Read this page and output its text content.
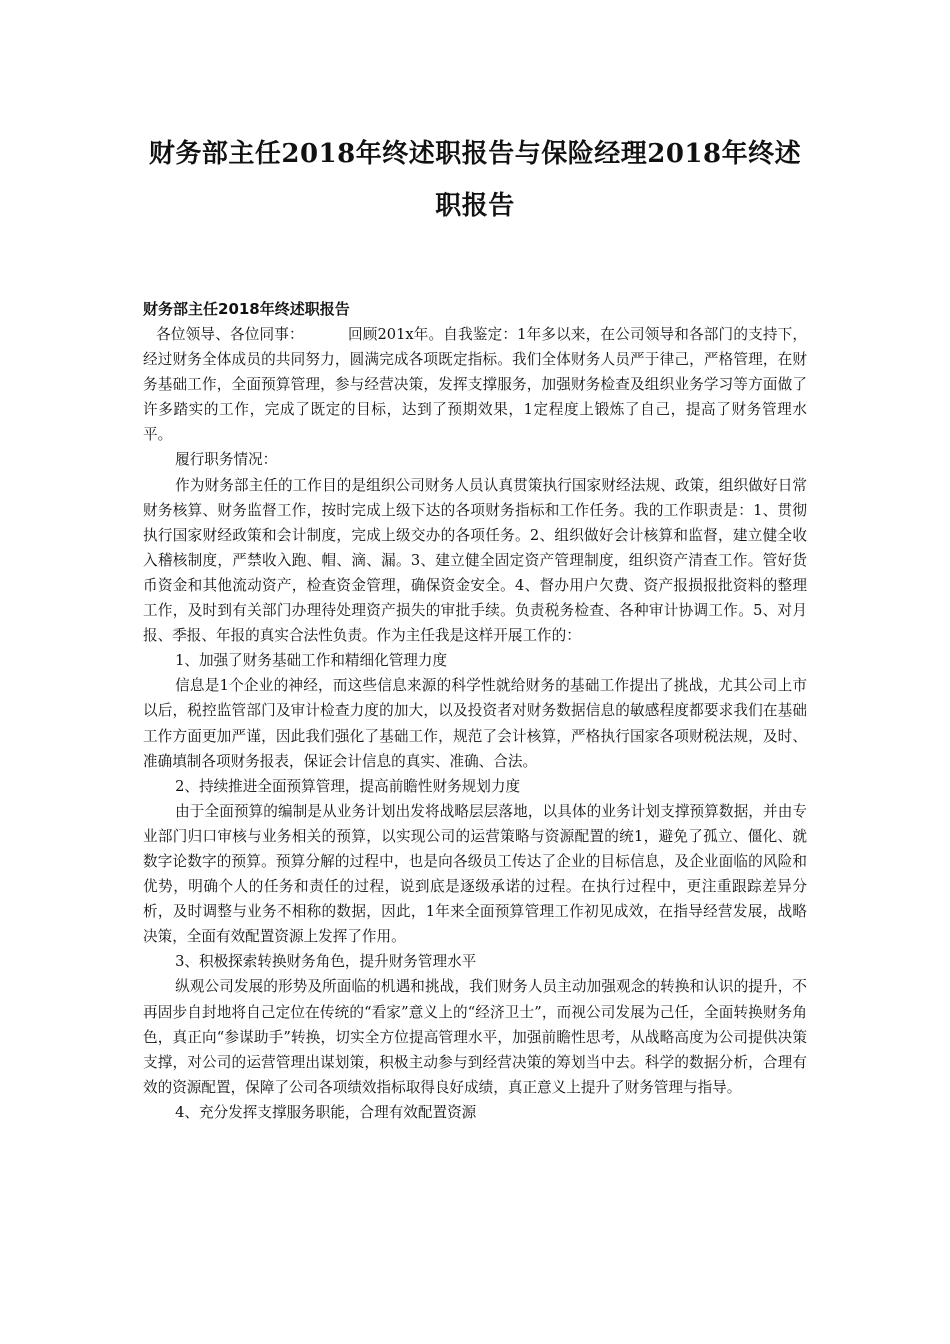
财务部主任2018年终述职报告与保险经理2018年终述职报告
财务部主任2018年终述职报告

各位领导、各位同事：	回顾201x年。自我鉴定：1年多以来，在公司领导和各部门的支持下，经过财务全体成员的共同努力，圆满完成各项既定指标。我们全体财务人员严于律己，严格管理，在财务基础工作，全面预算管理，参与经营决策，发挥支撑服务，加强财务检查及组织业务学习等方面做了许多踏实的工作，完成了既定的目标，达到了预期效果，1定程度上锻炼了自己，提高了财务管理水平。

履行职务情况：

作为财务部主任的工作目的是组织公司财务人员认真贯策执行国家财经法规、政策，组织做好日常财务核算、财务监督工作，按时完成上级下达的各项财务指标和工作任务。我的工作职责是：1、贯彻执行国家财经政策和会计制度，完成上级交办的各项任务。2、组织做好会计核算和监督，建立健全收入稽核制度，严禁收入跑、帽、滴、漏。3、建立健全固定资产管理制度，组织资产清查工作。管好货币资金和其他流动资产，检查资金管理，确保资金安全。4、督办用户欠费、资产报损报批资料的整理工作，及时到有关部门办理待处理资产损失的审批手续。负责税务检查、各种审计协调工作。5、对月报、季报、年报的真实合法性负责。作为主任我是这样开展工作的：

1、加强了财务基础工作和精细化管理力度

信息是1个企业的神经，而这些信息来源的科学性就给财务的基础工作提出了挑战，尤其公司上市以后，税控监管部门及审计检查力度的加大，以及投资者对财务数据信息的敏感程度都要求我们在基础工作方面更加严谨，因此我们强化了基础工作，规范了会计核算，严格执行国家各项财税法规，及时、准确填制各项财务报表，保证会计信息的真实、准确、合法。

2、持续推进全面预算管理，提高前瞻性财务规划力度

由于全面预算的编制是从业务计划出发将战略层层落地，以具体的业务计划支撑预算数据，并由专业部门归口审核与业务相关的预算，以实现公司的运营策略与资源配置的统1，避免了孤立、僵化、就数字论数字的预算。预算分解的过程中，也是向各级员工传达了企业的目标信息，及企业面临的风险和优势，明确个人的任务和责任的过程，说到底是逐级承诺的过程。在执行过程中，更注重跟踪差异分析，及时调整与业务不相称的数据，因此，1年来全面预算管理工作初见成效，在指导经营发展，战略决策，全面有效配置资源上发挥了作用。

3、积极探索转换财务角色，提升财务管理水平

纵观公司发展的形势及所面临的机遇和挑战，我们财务人员主动加强观念的转换和认识的提升，不再固步自封地将自己定位在传统的“看家”意义上的“经济卫士”，而视公司发展为己任，全面转换财务角色，真正向“参谋助手”转换，切实全方位提高管理水平，加强前瞻性思考，从战略高度为公司提供决策支撑，对公司的运营管理出谋划策，积极主动参与到经营决策的筹划当中去。科学的数据分析，合理有效的资源配置，保障了公司各项绩效指标取得良好成绩，真正意义上提升了财务管理与指导。

4、充分发挥支撑服务职能，合理有效配置资源
